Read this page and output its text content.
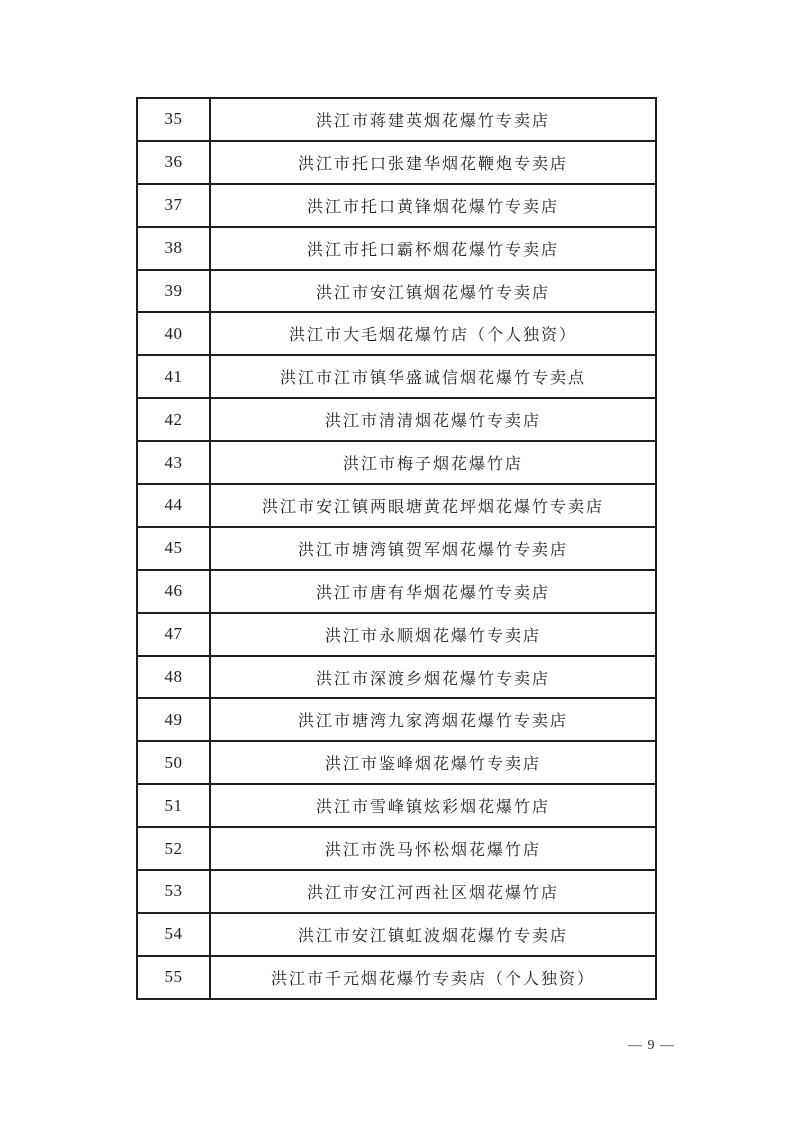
35	洪江市蒋建英烟花爆竹专卖店
36	洪江市托口张建华烟花鞭炮专卖店
37	洪江市托口黄锋烟花爆竹专卖店
38	洪江市托口霸杯烟花爆竹专卖店
39	洪江市安江镇烟花爆竹专卖店
40	洪江市大毛烟花爆竹店（个人独资）
41	洪江市江市镇华盛诚信烟花爆竹专卖点
42	洪江市清清烟花爆竹专卖店
43	洪江市梅子烟花爆竹店
44	洪江市安江镇两眼塘黄花坪烟花爆竹专卖店
45	洪江市塘湾镇贺军烟花爆竹专卖店
46	洪江市唐有华烟花爆竹专卖店
47	洪江市永顺烟花爆竹专卖店
48	洪江市深渡乡烟花爆竹专卖店
49	洪江市塘湾九家湾烟花爆竹专卖店
50	洪江市鉴峰烟花爆竹专卖店
51	洪江市雪峰镇炫彩烟花爆竹店
52	洪江市洗马怀松烟花爆竹店
53	洪江市安江河西社区烟花爆竹店
54	洪江市安江镇虹波烟花爆竹专卖店
55	洪江市千元烟花爆竹专卖店（个人独资）
— 9 —
